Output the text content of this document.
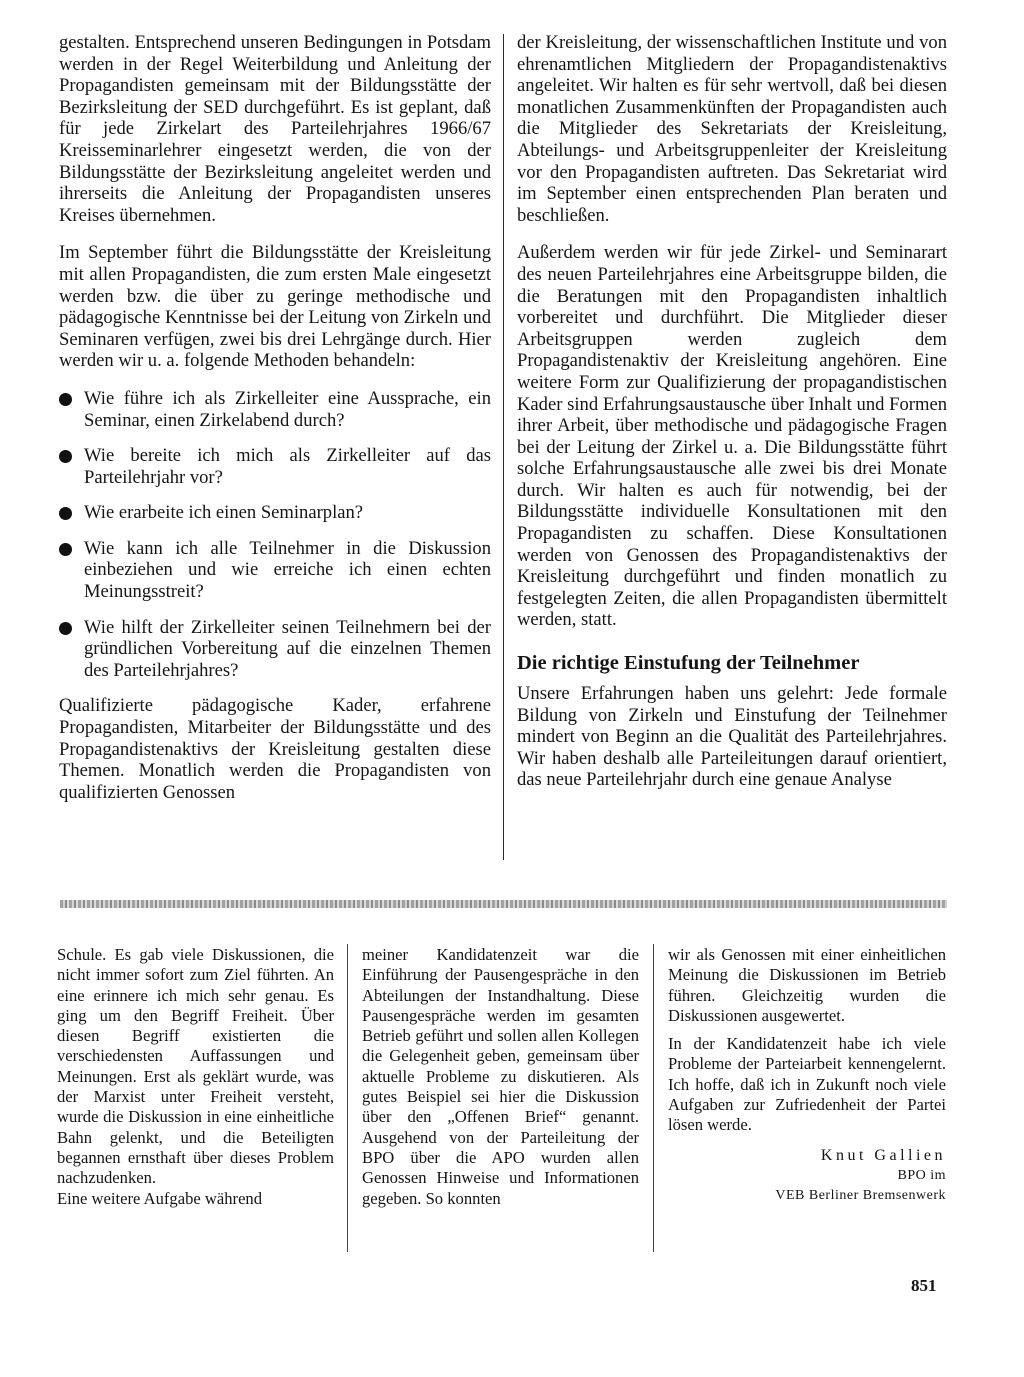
gestalten. Entsprechend unseren Bedingungen in Potsdam werden in der Regel Weiterbildung und Anleitung der Propagandisten gemeinsam mit der Bildungsstätte der Bezirksleitung der SED durchgeführt. Es ist geplant, daß für jede Zirkelart des Parteilehrjahres 1966/67 Kreisseminarlehrer eingesetzt werden, die von der Bildungsstätte der Bezirksleitung angeleitet werden und ihrerseits die Anleitung der Propagandisten unseres Kreises übernehmen.

Im September führt die Bildungsstätte der Kreisleitung mit allen Propagandisten, die zum ersten Male eingesetzt werden bzw. die über zu geringe methodische und pädagogische Kenntnisse bei der Leitung von Zirkeln und Seminaren verfügen, zwei bis drei Lehrgänge durch. Hier werden wir u. a. folgende Methoden behandeln:

Wie führe ich als Zirkelleiter eine Aussprache, ein Seminar, einen Zirkelabend durch?
Wie bereite ich mich als Zirkelleiter auf das Parteilehrjahr vor?
Wie erarbeite ich einen Seminarplan?
Wie kann ich alle Teilnehmer in die Diskussion einbeziehen und wie erreiche ich einen echten Meinungsstreit?
Wie hilft der Zirkelleiter seinen Teilnehmern bei der gründlichen Vorbereitung auf die einzelnen Themen des Parteilehrjahres?

Qualifizierte pädagogische Kader, erfahrene Propagandisten, Mitarbeiter der Bildungsstätte und des Propagandistenaktivs der Kreisleitung gestalten diese Themen. Monatlich werden die Propagandisten von qualifizierten Genossen

der Kreisleitung, der wissenschaftlichen Institute und von ehrenamtlichen Mitgliedern der Propagandistenaktivs angeleitet. Wir halten es für sehr wertvoll, daß bei diesen monatlichen Zusammenkünften der Propagandisten auch die Mitglieder des Sekretariats der Kreisleitung, Abteilungs- und Arbeitsgruppenleiter der Kreisleitung vor den Propagandisten auftreten. Das Sekretariat wird im September einen entsprechenden Plan beraten und beschließen.

Außerdem werden wir für jede Zirkel- und Seminarart des neuen Parteilehrjahres eine Arbeitsgruppe bilden, die die Beratungen mit den Propagandisten inhaltlich vorbereitet und durchführt. Die Mitglieder dieser Arbeitsgruppen werden zugleich dem Propagandistenaktiv der Kreisleitung angehören. Eine weitere Form zur Qualifizierung der propagandistischen Kader sind Erfahrungsaustausche über Inhalt und Formen ihrer Arbeit, über methodische und pädagogische Fragen bei der Leitung der Zirkel u. a. Die Bildungsstätte führt solche Erfahrungsaustausche alle zwei bis drei Monate durch. Wir halten es auch für notwendig, bei der Bildungsstätte individuelle Konsultationen mit den Propagandisten zu schaffen. Diese Konsultationen werden von Genossen des Propagandistenaktivs der Kreisleitung durchgeführt und finden monatlich zu festgelegten Zeiten, die allen Propagandisten übermittelt werden, statt.

Die richtige Einstufung der Teilnehmer

Unsere Erfahrungen haben uns gelehrt: Jede formale Bildung von Zirkeln und Einstufung der Teilnehmer mindert von Beginn an die Qualität des Parteilehrjahres. Wir haben deshalb alle Parteileitungen darauf orientiert, das neue Parteilehrjahr durch eine genaue Analyse

Schule. Es gab viele Diskussionen, die nicht immer sofort zum Ziel führten. An eine erinnere ich mich sehr genau. Es ging um den Begriff Freiheit. Über diesen Begriff existierten die verschiedensten Auffassungen und Meinungen. Erst als geklärt wurde, was der Marxist unter Freiheit versteht, wurde die Diskussion in eine einheitliche Bahn gelenkt, und die Beteiligten begannen ernsthaft über dieses Problem nachzudenken.

Eine weitere Aufgabe während

meiner Kandidatenzeit war die Einführung der Pausengespräche in den Abteilungen der Instandhaltung. Diese Pausengespräche werden im gesamten Betrieb geführt und sollen allen Kollegen die Gelegenheit geben, gemeinsam über aktuelle Probleme zu diskutieren. Als gutes Beispiel sei hier die Diskussion über den „Offenen Brief“ genannt. Ausgehend von der Parteileitung der BPO über die APO wurden allen Genossen Hinweise und Informationen gegeben. So konnten

wir als Genossen mit einer einheitlichen Meinung die Diskussionen im Betrieb führen. Gleichzeitig wurden die Diskussionen ausgewertet.

In der Kandidatenzeit habe ich viele Probleme der Parteiarbeit kennengelernt. Ich hoffe, daß ich in Zukunft noch viele Aufgaben zur Zufriedenheit der Partei lösen werde.

Knut Gallien

BPO im

VEB Berliner Bremsenwerk

851
